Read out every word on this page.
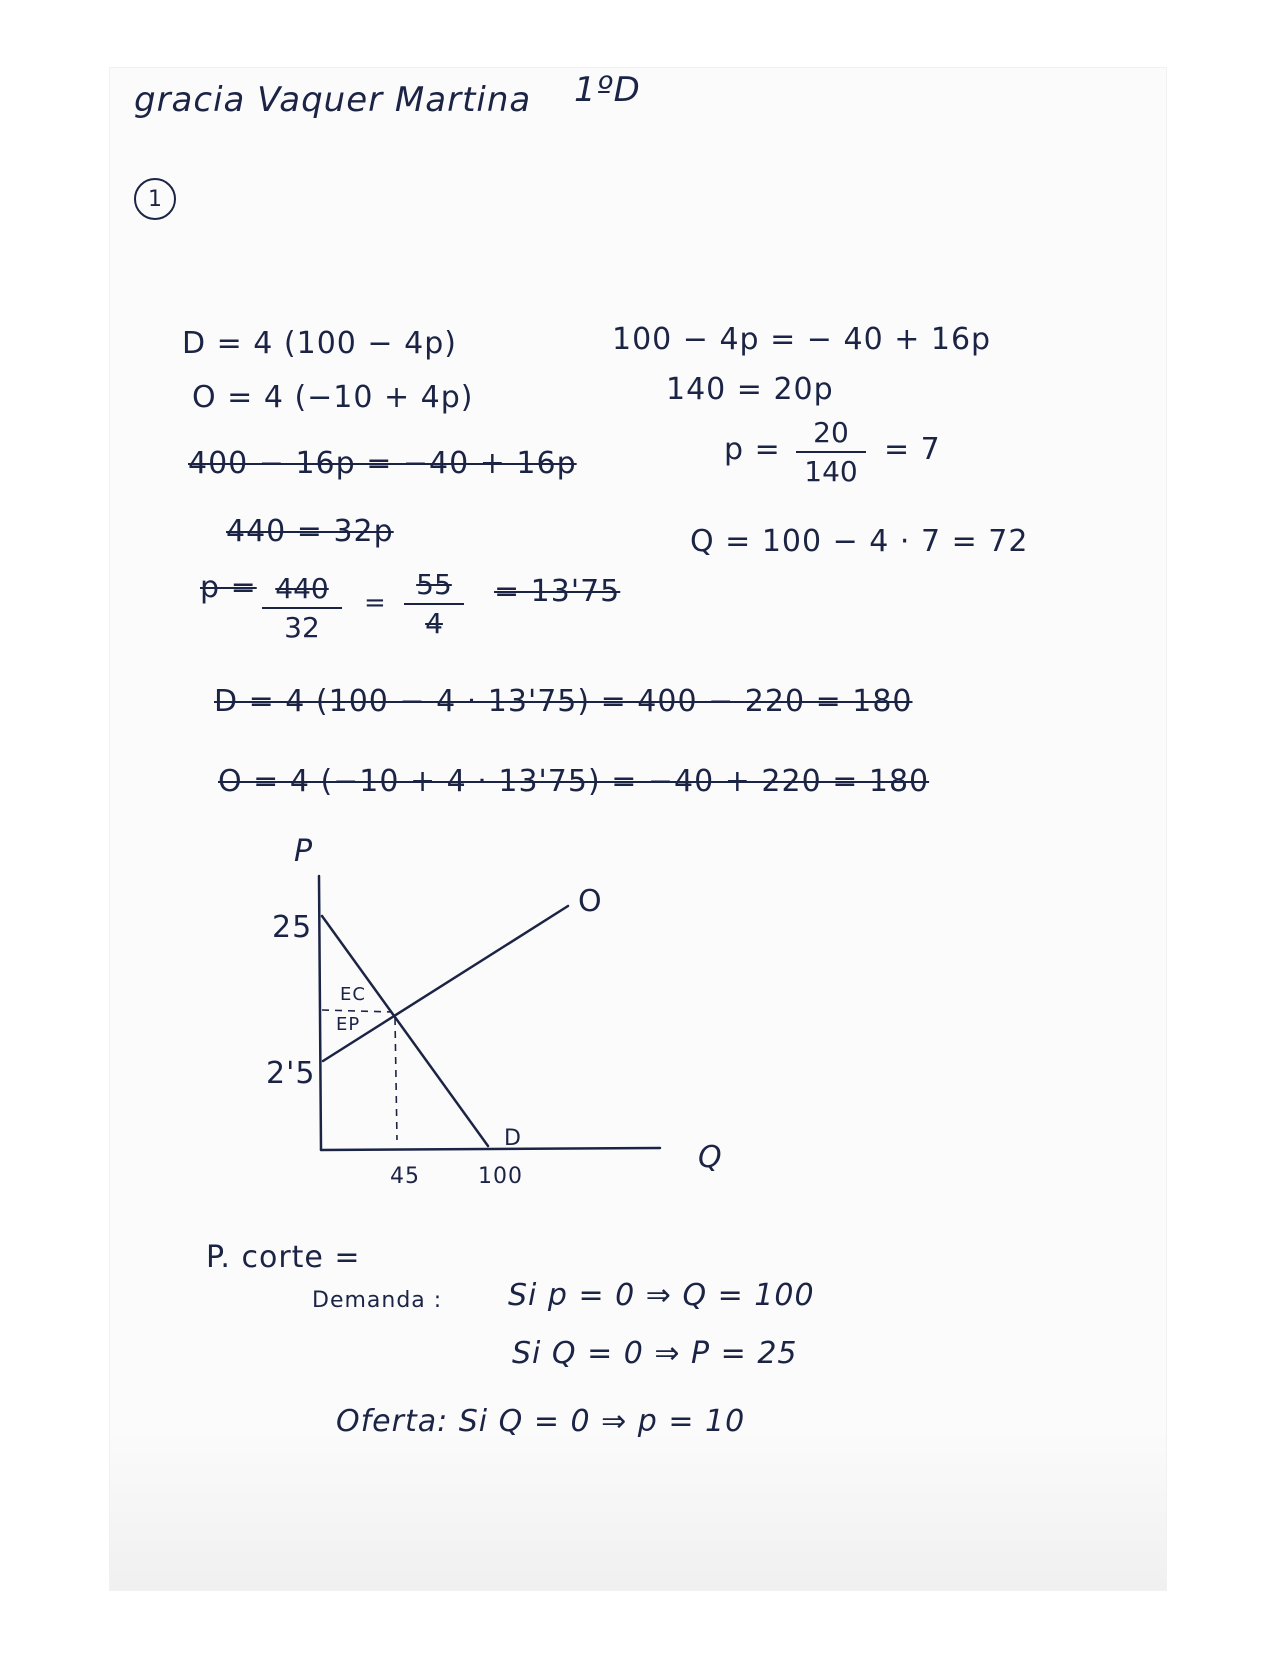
gracia Vaquer Martina 1ºD
1
D = 4 (100 − 4p)
O = 4 (−10 + 4p)
400 − 16p = −40 + 16p
440 = 32p
p = 440
32
=
55
4
= 13'75
D = 4 (100 − 4 · 13'75) = 400 − 220 = 180
O = 4 (−10 + 4 · 13'75) = −40 + 220 = 180
100 − 4p = − 40 + 16p
140 = 20p
p =	20
140
= 7
Q = 100 − 4 · 7 = 72
P
Q
25
2'5
45	100
O
D
EC
EP
P. corte =
Demanda : Si p = 0 ⇒ Q = 100
Si Q = 0 ⇒ P = 25
Oferta: Si Q = 0 ⇒ p = 10
